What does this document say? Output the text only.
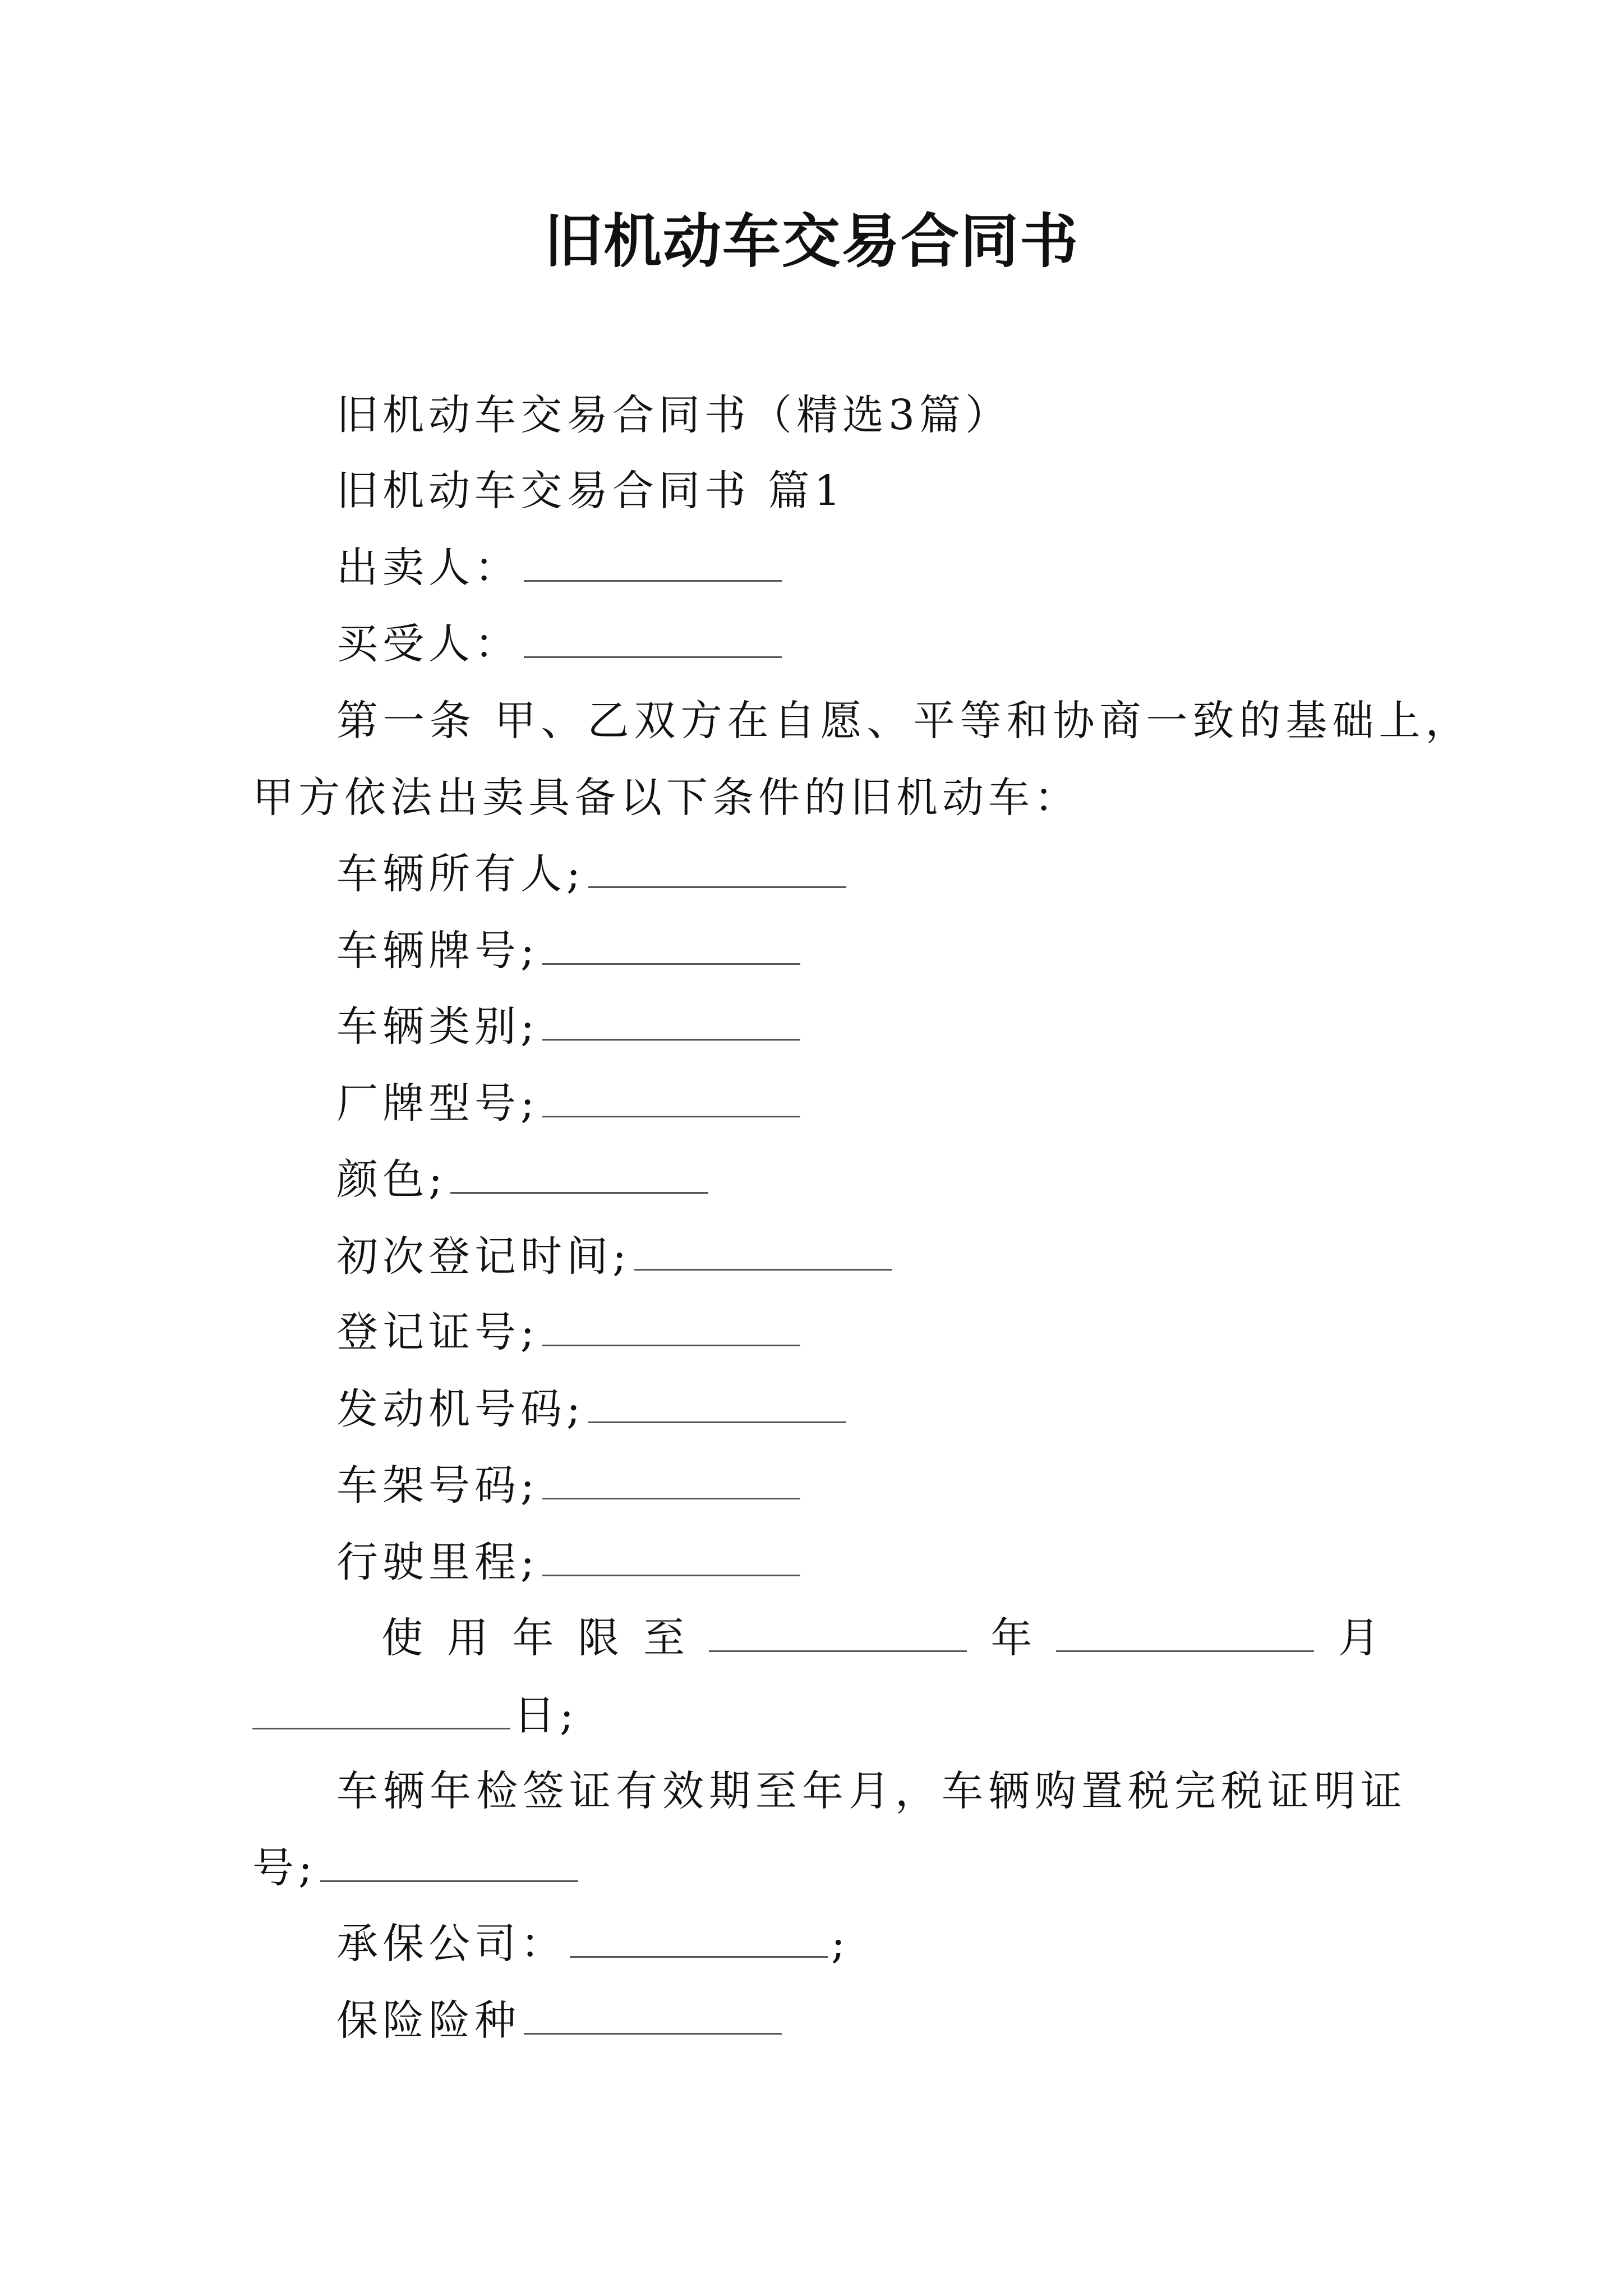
旧机动车交易合同书
旧机动车交易合同书（精选3篇）
旧机动车交易合同书 篇1
出卖人：
买受人：
第一条 甲、乙双方在自愿、平等和协商一致的基础上，
甲方依法出卖具备以下条件的旧机动车：
车辆所有人;
车辆牌号;
车辆类别;
厂牌型号;
颜色;
初次登记时间;
登记证号;
发动机号码;
车架号码;
行驶里程;
使 用 年 限 至	年	月
日;
车辆年检签证有效期至年月，车辆购置税完税证明证
号;
承保公司：	;
保险险种
